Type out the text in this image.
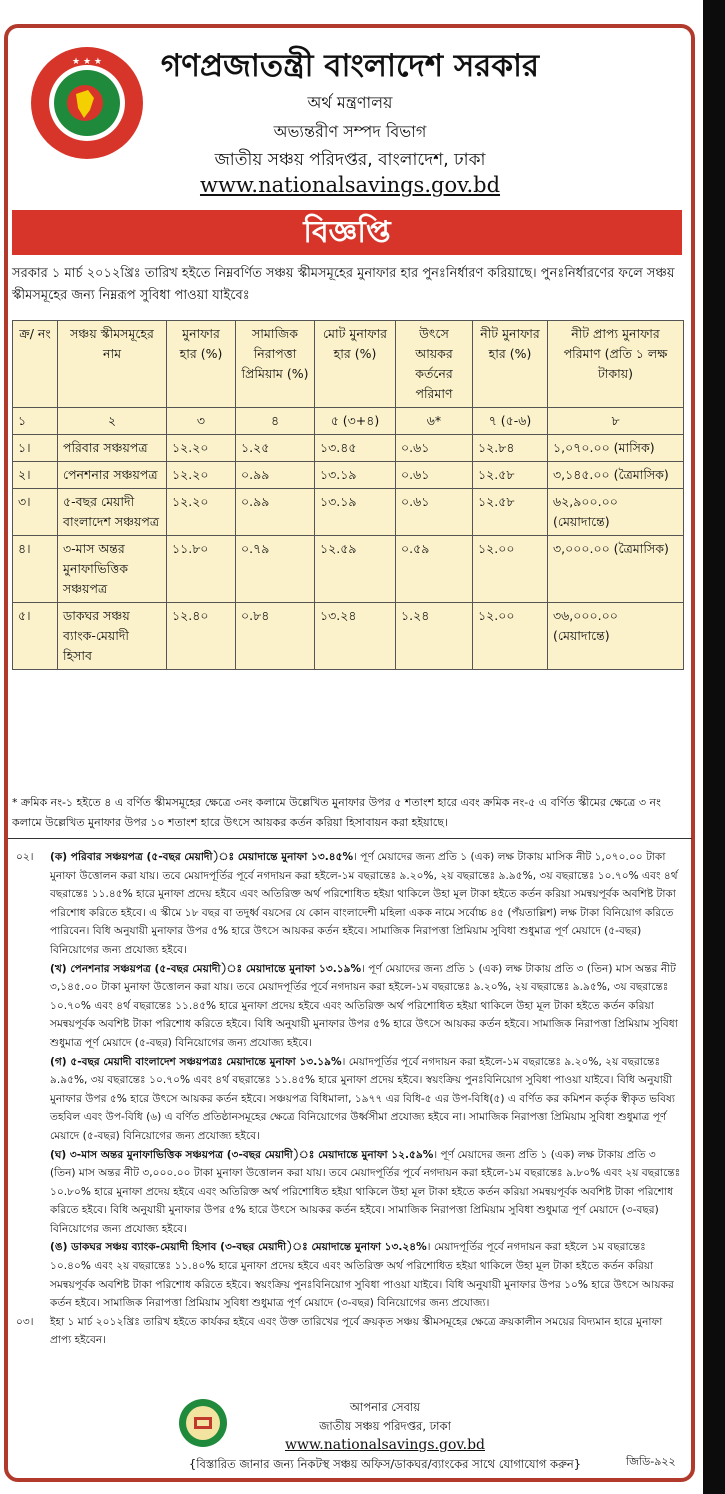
★ ★ ★	গণপ্রজাতন্ত্রী বাংলাদেশ সরকার
অর্থ মন্ত্রণালয়
অভ্যন্তরীণ সম্পদ বিভাগ
জাতীয় সঞ্চয় পরিদপ্তর, বাংলাদেশ, ঢাকা
www.nationalsavings.gov.bd
বিজ্ঞপ্তি
সরকার ১ মার্চ ২০১২খ্রিঃ তারিখ হইতে নিম্নবর্ণিত সঞ্চয় স্কীমসমূহের মুনাফার হার পুনঃনির্ধারণ করিয়াছে। পুনঃনির্ধারণের ফলে সঞ্চয় স্কীমসমূহের জন্য নিম্নরূপ সুবিধা পাওয়া যাইবেঃ
ক্র/ নং	সঞ্চয় স্কীমসমূহের নাম	মুনাফার হার (%)	সামাজিক নিরাপত্তা প্রিমিয়াম (%)	মোট মুনাফার হার (%)	উৎসে আয়কর কর্তনের পরিমাণ	নীট মুনাফার হার (%)	নীট প্রাপ্য মুনাফার পরিমাণ (প্রতি ১ লক্ষ টাকায়)
১	২	৩	৪	৫ (৩+৪)	৬*	৭ (৫-৬)	৮
১।	পরিবার সঞ্চয়পত্র	১২.২০	১.২৫	১৩.৪৫	০.৬১	১২.৮৪	১,০৭০.০০ (মাসিক)
২।	পেনশনার সঞ্চয়পত্র	১২.২০	০.৯৯	১৩.১৯	০.৬১	১২.৫৮	৩,১৪৫.০০ (ত্রৈমাসিক)
৩।	৫-বছর মেয়াদী বাংলাদেশ সঞ্চয়পত্র	১২.২০	০.৯৯	১৩.১৯	০.৬১	১২.৫৮	৬২,৯০০.০০ (মেয়াদান্তে)
৪।	৩-মাস অন্তর মুনাফাভিত্তিক সঞ্চয়পত্র	১১.৮০	০.৭৯	১২.৫৯	০.৫৯	১২.০০	৩,০০০.০০ (ত্রৈমাসিক)
৫।	ডাকঘর সঞ্চয় ব্যাংক-মেয়াদী হিসাব	১২.৪০	০.৮৪	১৩.২৪	১.২৪	১২.০০	৩৬,০০০.০০ (মেয়াদান্তে)
* ক্রমিক নং-১ হইতে ৪ এ বর্ণিত স্কীমসমূহের ক্ষেত্রে ৩নং কলামে উল্লেখিত মুনাফার উপর ৫ শতাংশ হারে এবং ক্রমিক নং-৫ এ বর্ণিত স্কীমের ক্ষেত্রে ৩ নং কলামে উল্লেখিত মুনাফার উপর ১০ শতাংশ হারে উৎসে আয়কর কর্তন করিয়া হিসাবায়ন করা হইয়াছে।
০২।	(ক) পরিবার সঞ্চয়পত্র (৫-বছর মেয়াদী)ঃ মেয়াদান্তে মুনাফা ১৩.৪৫%। পূর্ণ মেয়াদের জন্য প্রতি ১ (এক) লক্ষ টাকায় মাসিক নীট ১,০৭০.০০ টাকা মুনাফা উত্তোলন করা যায়। তবে মেয়াদপূর্তির পূর্বে নগদায়ন করা হইলে-১ম বছরান্তেঃ ৯.২০%, ২য় বছরান্তেঃ ৯.৯৫%, ৩য় বছরান্তেঃ ১০.৭০% এবং ৪র্থ বছরান্তেঃ ১১.৪৫% হারে মুনাফা প্রদেয় হইবে এবং অতিরিক্ত অর্থ পরিশোধিত হইয়া থাকিলে উহা মূল টাকা হইতে কর্তন করিয়া সমন্বয়পূর্বক অবশিষ্ট টাকা পরিশোধ করিতে হইবে। এ স্কীমে ১৮ বছর বা তদুর্ধ্ব বয়সের যে কোন বাংলাদেশী মহিলা একক নামে সর্বোচ্চ ৪৫ (পঁয়তাল্লিশ) লক্ষ টাকা বিনিয়োগ করিতে পারিবেন। বিধি অনুযায়ী মুনাফার উপর ৫% হারে উৎসে আয়কর কর্তন হইবে। সামাজিক নিরাপত্তা প্রিমিয়াম সুবিধা শুধুমাত্র পূর্ণ মেয়াদে (৫-বছর) বিনিয়োগের জন্য প্রযোজ্য হইবে।

(খ) পেনশনার সঞ্চয়পত্র (৫-বছর মেয়াদী)ঃ মেয়াদান্তে মুনাফা ১৩.১৯%। পূর্ণ মেয়াদের জন্য প্রতি ১ (এক) লক্ষ টাকায় প্রতি ৩ (তিন) মাস অন্তর নীট ৩,১৪৫.০০ টাকা মুনাফা উত্তোলন করা যায়। তবে মেয়াদপূর্তির পূর্বে নগদায়ন করা হইলে-১ম বছরান্তেঃ ৯.২০%, ২য় বছরান্তেঃ ৯.৯৫%, ৩য় বছরান্তেঃ ১০.৭০% এবং ৪র্থ বছরান্তেঃ ১১.৪৫% হারে মুনাফা প্রদেয় হইবে এবং অতিরিক্ত অর্থ পরিশোধিত হইয়া থাকিলে উহা মূল টাকা হইতে কর্তন করিয়া সমন্বয়পূর্বক অবশিষ্ট টাকা পরিশোধ করিতে হইবে। বিধি অনুযায়ী মুনাফার উপর ৫% হারে উৎসে আয়কর কর্তন হইবে। সামাজিক নিরাপত্তা প্রিমিয়াম সুবিধা শুধুমাত্র পূর্ণ মেয়াদে (৫-বছর) বিনিয়োগের জন্য প্রযোজ্য হইবে।

(গ) ৫-বছর মেয়াদী বাংলাদেশ সঞ্চয়পত্রঃ মেয়াদান্তে মুনাফা ১৩.১৯%। মেয়াদপূর্তির পূর্বে নগদায়ন করা হইলে-১ম বছরান্তেঃ ৯.২০%, ২য় বছরান্তেঃ ৯.৯৫%, ৩য় বছরান্তেঃ ১০.৭০% এবং ৪র্থ বছরান্তেঃ ১১.৪৫% হারে মুনাফা প্রদেয় হইবে। স্বয়ংক্রিয় পুনঃবিনিয়োগ সুবিধা পাওয়া যাইবে। বিধি অনুযায়ী মুনাফার উপর ৫% হারে উৎসে আয়কর কর্তন হইবে। সঞ্চয়পত্র বিধিমালা, ১৯৭৭ এর বিধি-৫ এর উপ-বিধি(৫) এ বর্ণিত কর কমিশন কর্তৃক স্বীকৃত ভবিষ্য তহবিল এবং উপ-বিধি (৬) এ বর্ণিত প্রতিষ্ঠানসমূহের ক্ষেত্রে বিনিয়োগের উর্ধ্বসীমা প্রযোজ্য হইবে না। সামাজিক নিরাপত্তা প্রিমিয়াম সুবিধা শুধুমাত্র পূর্ণ মেয়াদে (৫-বছর) বিনিয়োগের জন্য প্রযোজ্য হইবে।

(ঘ) ৩-মাস অন্তর মুনাফাভিত্তিক সঞ্চয়পত্র (৩-বছর মেয়াদী)ঃ মেয়াদান্তে মুনাফা ১২.৫৯%। পূর্ণ মেয়াদের জন্য প্রতি ১ (এক) লক্ষ টাকায় প্রতি ৩ (তিন) মাস অন্তর নীট ৩,০০০.০০ টাকা মুনাফা উত্তোলন করা যায়। তবে মেয়াদপূর্তির পূর্বে নগদায়ন করা হইলে-১ম বছরান্তেঃ ৯.৮০% এবং ২য় বছরান্তেঃ ১০.৮০% হারে মুনাফা প্রদেয় হইবে এবং অতিরিক্ত অর্থ পরিশোধিত হইয়া থাকিলে উহা মূল টাকা হইতে কর্তন করিয়া সমন্বয়পূর্বক অবশিষ্ট টাকা পরিশোধ করিতে হইবে। বিধি অনুযায়ী মুনাফার উপর ৫% হারে উৎসে আয়কর কর্তন হইবে। সামাজিক নিরাপত্তা প্রিমিয়াম সুবিধা শুধুমাত্র পূর্ণ মেয়াদে (৩-বছর) বিনিয়োগের জন্য প্রযোজ্য হইবে।

(ঙ) ডাকঘর সঞ্চয় ব্যাংক-মেয়াদী হিসাব (৩-বছর মেয়াদী)ঃ মেয়াদান্তে মুনাফা ১৩.২৪%। মেয়াদপূর্তির পূর্বে নগদায়ন করা হইলে ১ম বছরান্তেঃ ১০.৪০% এবং ২য় বছরান্তেঃ ১১.৪০% হারে মুনাফা প্রদেয় হইবে এবং অতিরিক্ত অর্থ পরিশোধিত হইয়া থাকিলে উহা মূল টাকা হইতে কর্তন করিয়া সমন্বয়পূর্বক অবশিষ্ট টাকা পরিশোধ করিতে হইবে। স্বয়ংক্রিয় পুনঃবিনিয়োগ সুবিধা পাওয়া যাইবে। বিধি অনুযায়ী মুনাফার উপর ১০% হারে উৎসে আয়কর কর্তন হইবে। সামাজিক নিরাপত্তা প্রিমিয়াম সুবিধা শুধুমাত্র পূর্ণ মেয়াদে (৩-বছর) বিনিয়োগের জন্য প্রযোজ্য।

০৩।	ইহা ১ মার্চ ২০১২খ্রিঃ তারিখ হইতে কার্যকর হইবে এবং উক্ত তারিখের পূর্বে ক্রয়কৃত সঞ্চয় স্কীমসমূহের ক্ষেত্রে ক্রয়কালীন সময়ের বিদ্যমান হারে মুনাফা প্রাপ্য হইবেন।
আপনার সেবায়
জাতীয় সঞ্চয় পরিদপ্তর, ঢাকা
www.nationalsavings.gov.bd
{বিস্তারিত জানার জন্য নিকটস্থ সঞ্চয় অফিস/ডাকঘর/ব্যাংকের সাথে যোগাযোগ করুন}	জিডি-৯২২
